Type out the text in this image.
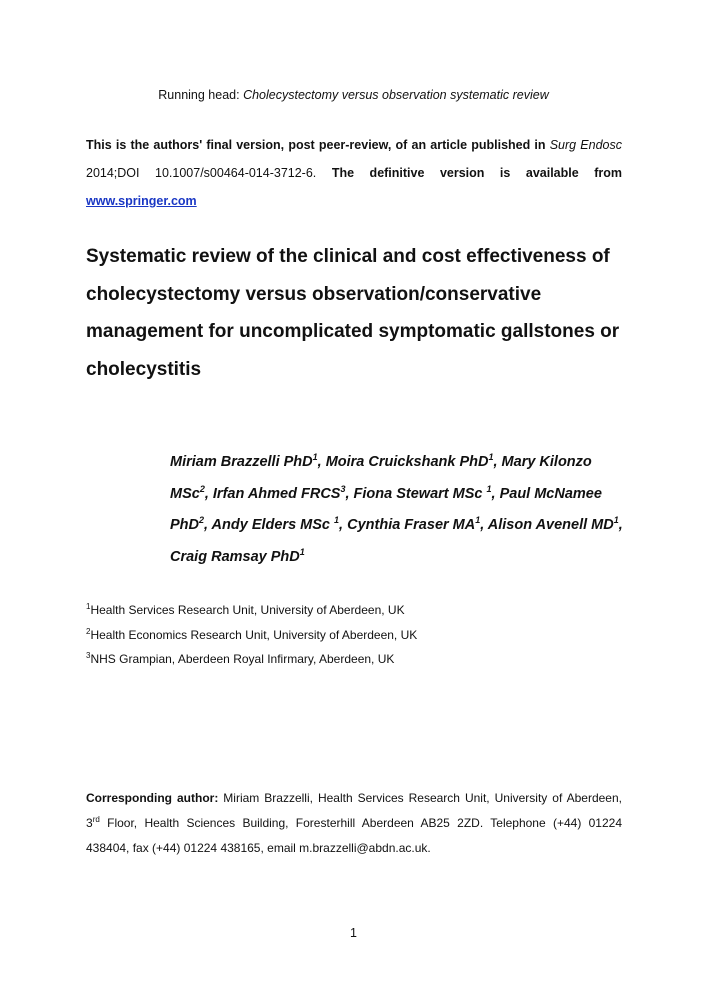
Running head: Cholecystectomy versus observation systematic review

This is the authors' final version, post peer-review, of an article published in Surg Endosc

2014;DOI 10.1007/s00464-014-3712-6. The definitive version is available from

www.springer.com

Systematic review of the clinical and cost effectiveness of cholecystectomy versus observation/conservative management for uncomplicated symptomatic gallstones or cholecystitis
Miriam Brazzelli PhD$^1$, Moira Cruickshank PhD$^1$, Mary Kilonzo MSc$^2$, Irfan Ahmed FRCS$^3$, Fiona Stewart MSc $^1$, Paul McNamee PhD$^2$, Andy Elders MSc $^1$, Cynthia Fraser $MA^1$, Alison Avenell $MD^1$, Craig Ramsay PhD$^1$
$^1$Health Services Research Unit, University of Aberdeen, UK
$^2$Health Economics Research Unit, University of Aberdeen, UK
$^3$NHS Grampian, Aberdeen Royal Infirmary, Aberdeen, UK
Corresponding author: Miriam Brazzelli, Health Services Research Unit, University of Aberdeen, 3rd Floor, Health Sciences Building, Foresterhill Aberdeen AB25 2ZD. Telephone (+44) 01224 438404, fax (+44) 01224 438165, email m.brazzelli@abdn.ac.uk.
1
